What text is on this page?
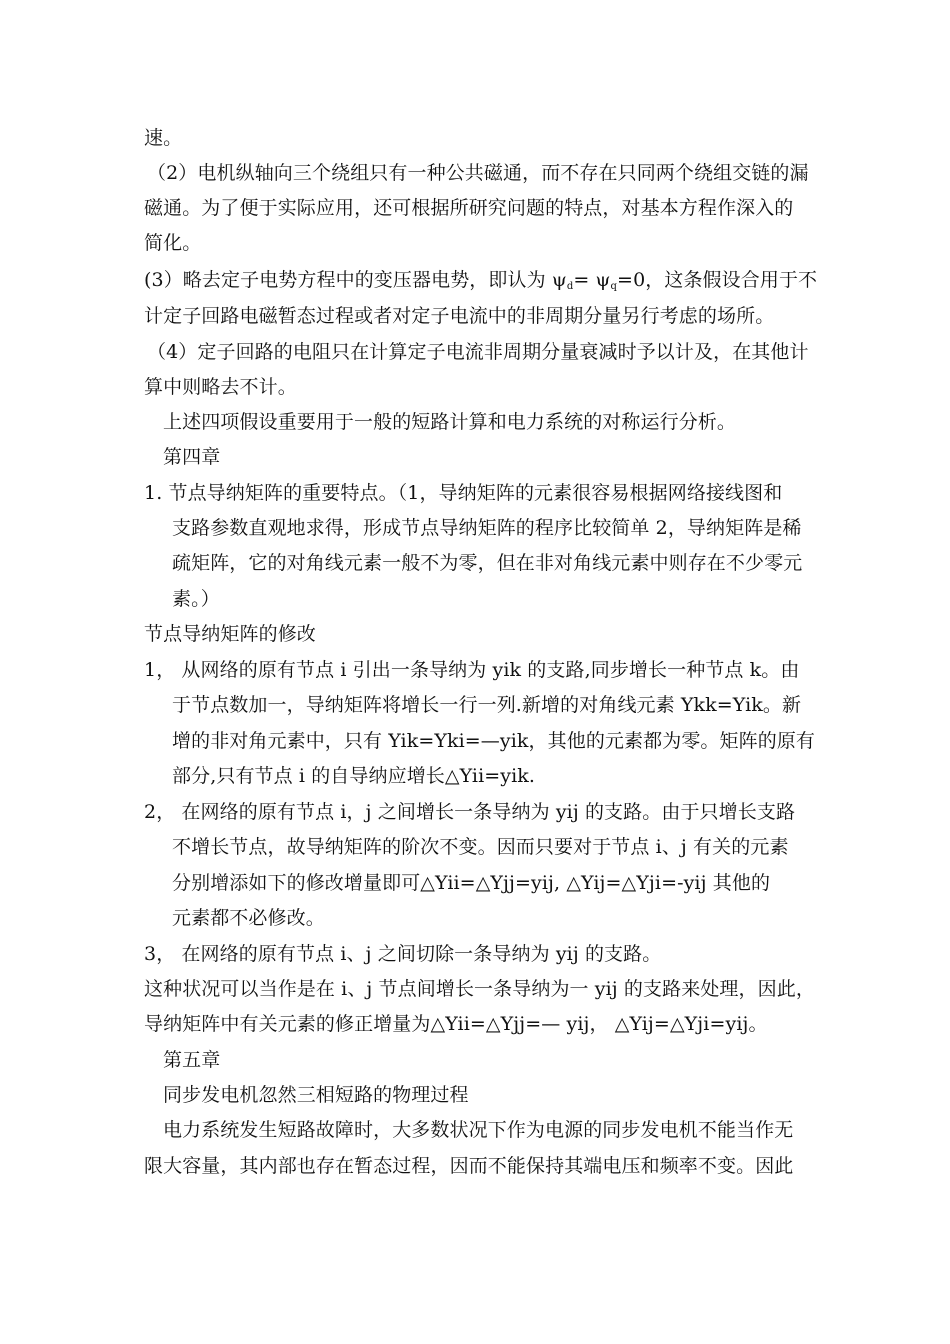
速。
（2）电机纵轴向三个绕组只有一种公共磁通，而不存在只同两个绕组交链的漏
磁通。为了便于实际应用，还可根据所研究问题的特点，对基本方程作深入的
简化。
(3）略去定子电势方程中的变压器电势，即认为 $\psi_d= \psi_q=0$，这条假设合用于不
计定子回路电磁暂态过程或者对定子电流中的非周期分量另行考虑的场所。
（4）定子回路的电阻只在计算定子电流非周期分量衰减时予以计及，在其他计
算中则略去不计。
上述四项假设重要用于一般的短路计算和电力系统的对称运行分析。
第四章
1. 节点导纳矩阵的重要特点。（1，导纳矩阵的元素很容易根据网络接线图和
支路参数直观地求得，形成节点导纳矩阵的程序比较简单 2，导纳矩阵是稀
疏矩阵，它的对角线元素一般不为零，但在非对角线元素中则存在不少零元
素。）
节点导纳矩阵的修改
1， 从网络的原有节点 i 引出一条导纳为 yik 的支路,同步增长一种节点 k。由
于节点数加一，导纳矩阵将增长一行一列.新增的对角线元素 Ykk=Yik。新
增的非对角元素中，只有 Yik=Yki=—yik，其他的元素都为零。矩阵的原有
部分,只有节点 i 的自导纳应增长△Yii=yik.
2， 在网络的原有节点 i，j 之间增长一条导纳为 yij 的支路。由于只增长支路
不增长节点，故导纳矩阵的阶次不变。因而只要对于节点 i、j 有关的元素
分别增添如下的修改增量即可△Yii=△Yjj=yij, △Yij=△Yji=-yij 其他的
元素都不必修改。
3， 在网络的原有节点 i、j 之间切除一条导纳为 yij 的支路。
这种状况可以当作是在 i、j 节点间增长一条导纳为一 yij 的支路来处理，因此，
导纳矩阵中有关元素的修正增量为△Yii=△Yjj=— yij， △Yij=△Yji=yij。
第五章
同步发电机忽然三相短路的物理过程
电力系统发生短路故障时，大多数状况下作为电源的同步发电机不能当作无
限大容量，其内部也存在暂态过程，因而不能保持其端电压和频率不变。因此
